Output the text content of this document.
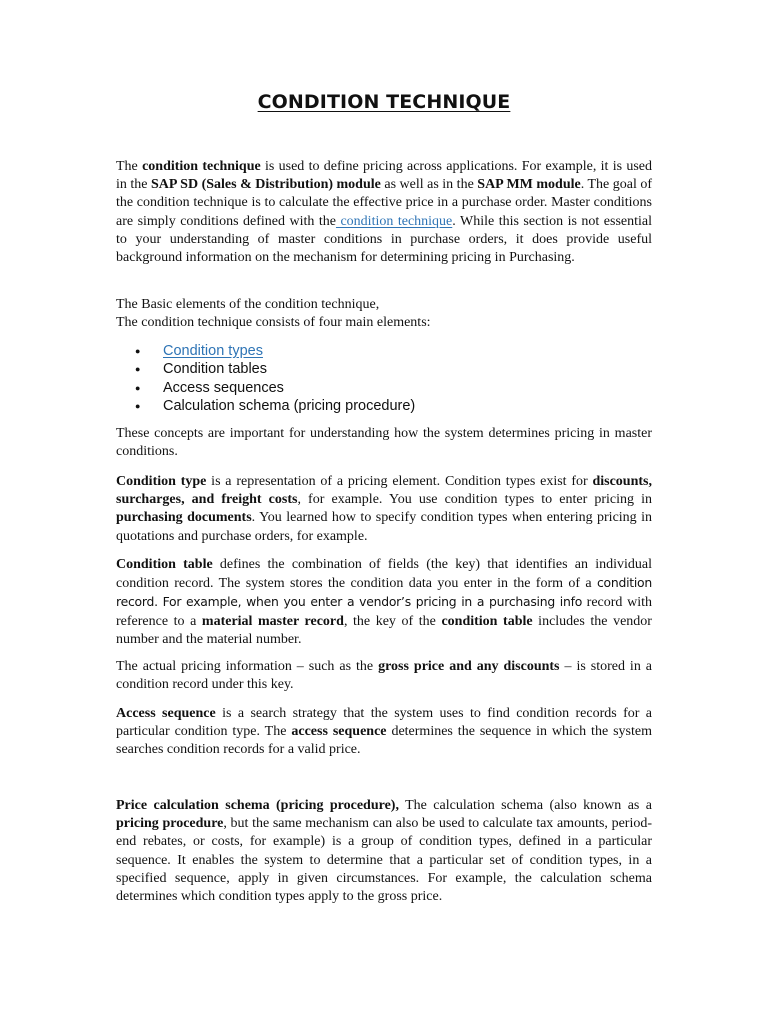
CONDITION TECHNIQUE

The condition technique is used to define pricing across applications. For example, it is used in the SAP SD (Sales & Distribution) module as well as in the SAP MM module. The goal of the condition technique is to calculate the effective price in a purchase order. Master conditions are simply conditions defined with the condition technique. While this section is not essential to your understanding of master conditions in purchase orders, it does provide useful background information on the mechanism for determining pricing in Purchasing.

The Basic elements of the condition technique,
The condition technique consists of four main elements:

● Condition types
● Condition tables
● Access sequences
● Calculation schema (pricing procedure)

These concepts are important for understanding how the system determines pricing in master conditions.

Condition type is a representation of a pricing element. Condition types exist for discounts, surcharges, and freight costs, for example. You use condition types to enter pricing in purchasing documents. You learned how to specify condition types when entering pricing in quotations and purchase orders, for example.

Condition table defines the combination of fields (the key) that identifies an individual condition record. The system stores the condition data you enter in the form of a condition record. For example, when you enter a vendor’s pricing in a purchasing info record with reference to a material master record, the key of the condition table includes the vendor number and the material number.

The actual pricing information – such as the gross price and any discounts – is stored in a condition record under this key.

Access sequence is a search strategy that the system uses to find condition records for a particular condition type. The access sequence determines the sequence in which the system searches condition records for a valid price.

Price calculation schema (pricing procedure), The calculation schema (also known as a pricing procedure, but the same mechanism can also be used to calculate tax amounts, period-end rebates, or costs, for example) is a group of condition types, defined in a particular sequence. It enables the system to determine that a particular set of condition types, in a specified sequence, apply in given circumstances. For example, the calculation schema determines which condition types apply to the gross price.
